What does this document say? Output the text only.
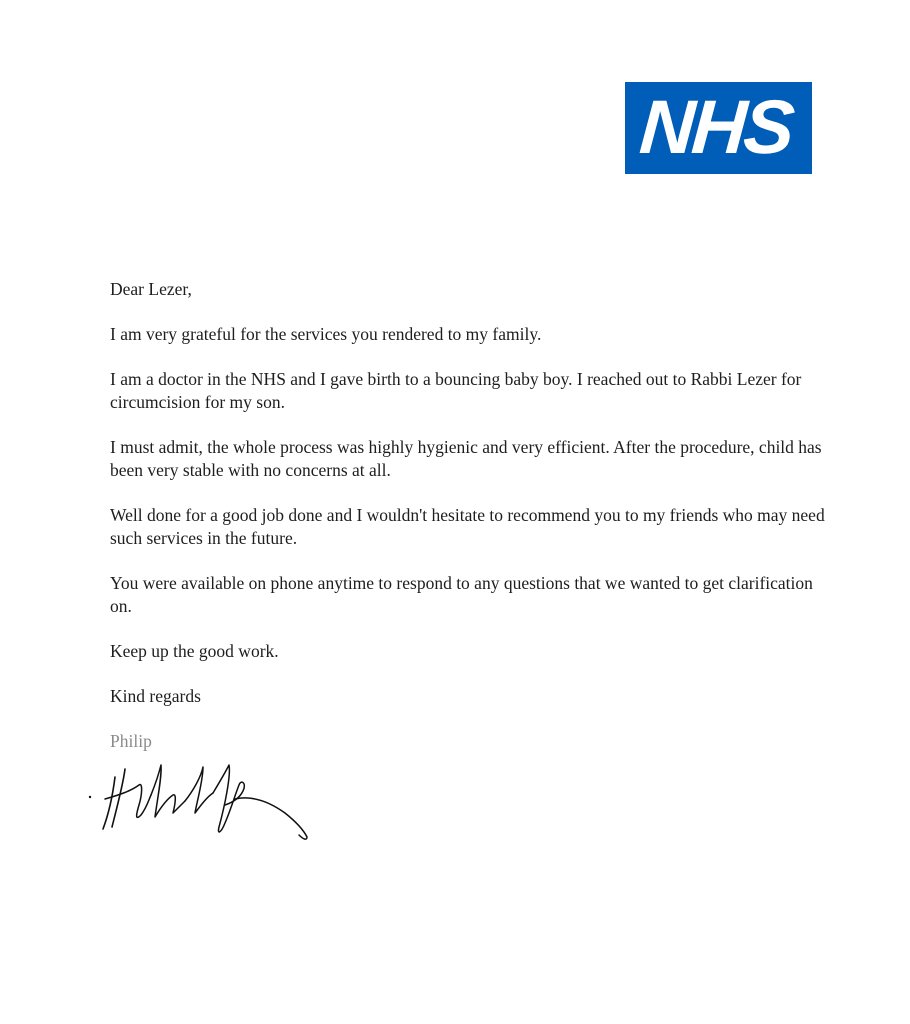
NHS

Dear Lezer,

I am very grateful for the services you rendered to my family.

I am a doctor in the NHS and I gave birth to a bouncing baby boy. I reached out to Rabbi Lezer for circumcision for my son.

I must admit, the whole process was highly hygienic and very efficient. After the procedure, child has been very stable with no concerns at all.

Well done for a good job done and I wouldn't hesitate to recommend you to my friends who may need such services in the future.

You were available on phone anytime to respond to any questions that we wanted to get clarification on.

Keep up the good work.

Kind regards

Philip
